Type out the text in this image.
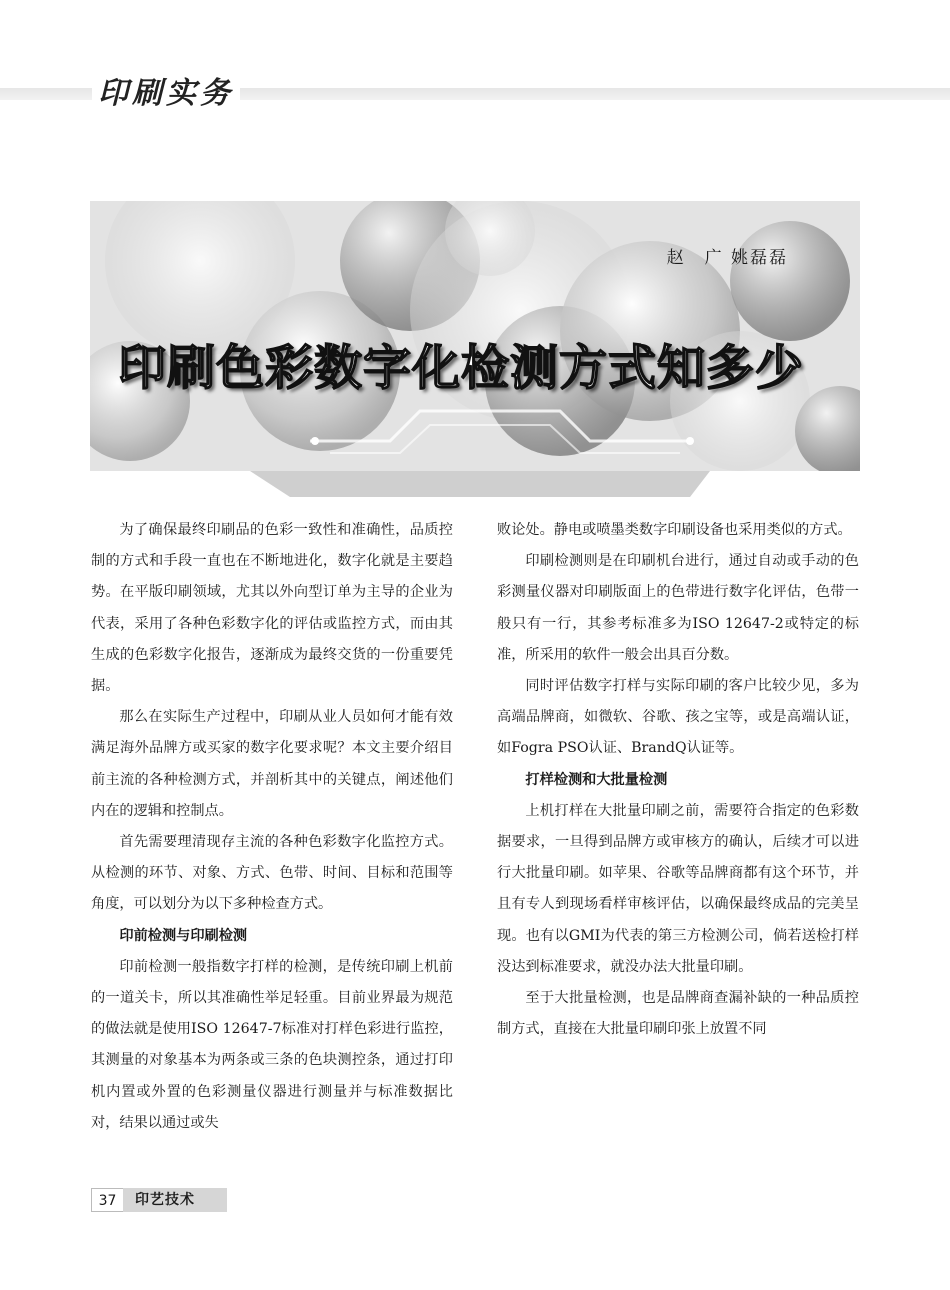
印刷实务
赵　广 姚磊磊
印刷色彩数字化检测方式知多少

为了确保最终印刷品的色彩一致性和准确性，品质控制的方式和手段一直也在不断地进化，数字化就是主要趋势。在平版印刷领域，尤其以外向型订单为主导的企业为代表，采用了各种色彩数字化的评估或监控方式，而由其生成的色彩数字化报告，逐渐成为最终交货的一份重要凭据。

那么在实际生产过程中，印刷从业人员如何才能有效满足海外品牌方或买家的数字化要求呢？本文主要介绍目前主流的各种检测方式，并剖析其中的关键点，阐述他们内在的逻辑和控制点。

首先需要理清现存主流的各种色彩数字化监控方式。从检测的环节、对象、方式、色带、时间、目标和范围等角度，可以划分为以下多种检查方式。

印前检测与印刷检测

印前检测一般指数字打样的检测，是传统印刷上机前的一道关卡，所以其准确性举足轻重。目前业界最为规范的做法就是使用ISO 12647-7标准对打样色彩进行监控，其测量的对象基本为两条或三条的色块测控条，通过打印机内置或外置的色彩测量仪器进行测量并与标准数据比对，结果以通过或失

败论处。静电或喷墨类数字印刷设备也采用类似的方式。

印刷检测则是在印刷机台进行，通过自动或手动的色彩测量仪器对印刷版面上的色带进行数字化评估，色带一般只有一行，其参考标准多为ISO 12647-2或特定的标准，所采用的软件一般会出具百分数。

同时评估数字打样与实际印刷的客户比较少见，多为高端品牌商，如微软、谷歌、孩之宝等，或是高端认证，如Fogra PSO认证、BrandQ认证等。

打样检测和大批量检测

上机打样在大批量印刷之前，需要符合指定的色彩数据要求，一旦得到品牌方或审核方的确认，后续才可以进行大批量印刷。如苹果、谷歌等品牌商都有这个环节，并且有专人到现场看样审核评估，以确保最终成品的完美呈现。也有以GMI为代表的第三方检测公司，倘若送检打样没达到标准要求，就没办法大批量印刷。

至于大批量检测，也是品牌商查漏补缺的一种品质控制方式，直接在大批量印刷印张上放置不同

37	印艺技术
